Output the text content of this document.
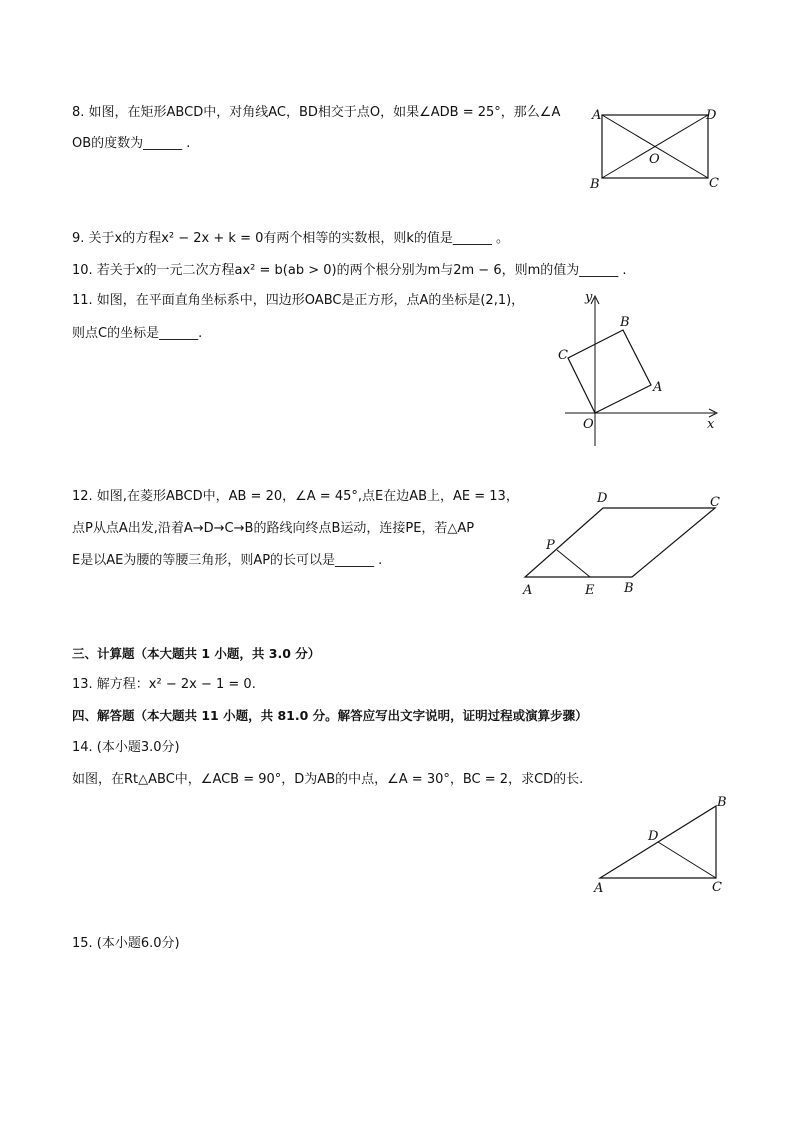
8. 如图，在矩形ABCD中，对角线AC，BD相交于点O，如果∠ADB = 25°，那么∠A
OB的度数为______ .
A	D
B	C
O
9. 关于x的方程x² − 2x + k = 0有两个相等的实数根，则k的值是______ 。
10. 若关于x的一元二次方程ax² = b(ab > 0)的两个根分别为m与2m − 6，则m的值为______ .
11. 如图，在平面直角坐标系中，四边形OABC是正方形，点A的坐标是(2,1)，
则点C的坐标是______.
x
y
O
A
B
C
12. 如图,在菱形ABCD中，AB = 20，∠A = 45°,点E在边AB上，AE = 13，
点P从点A出发,沿着A→D→C→B的路线向终点B运动，连接PE，若△AP
E是以AE为腰的等腰三角形，则AP的长可以是______ .
A	E B
C
D
P
三、计算题（本大题共 1 小题，共 3.0 分）
13. 解方程：x² − 2x − 1 = 0.
四、解答题（本大题共 11 小题，共 81.0 分。解答应写出文字说明，证明过程或演算步骤）
14. (本小题3.0分)
如图，在Rt△ABC中，∠ACB = 90°，D为AB的中点，∠A = 30°，BC = 2，求CD的长.
A	C
B
D
15. (本小题6.0分)
